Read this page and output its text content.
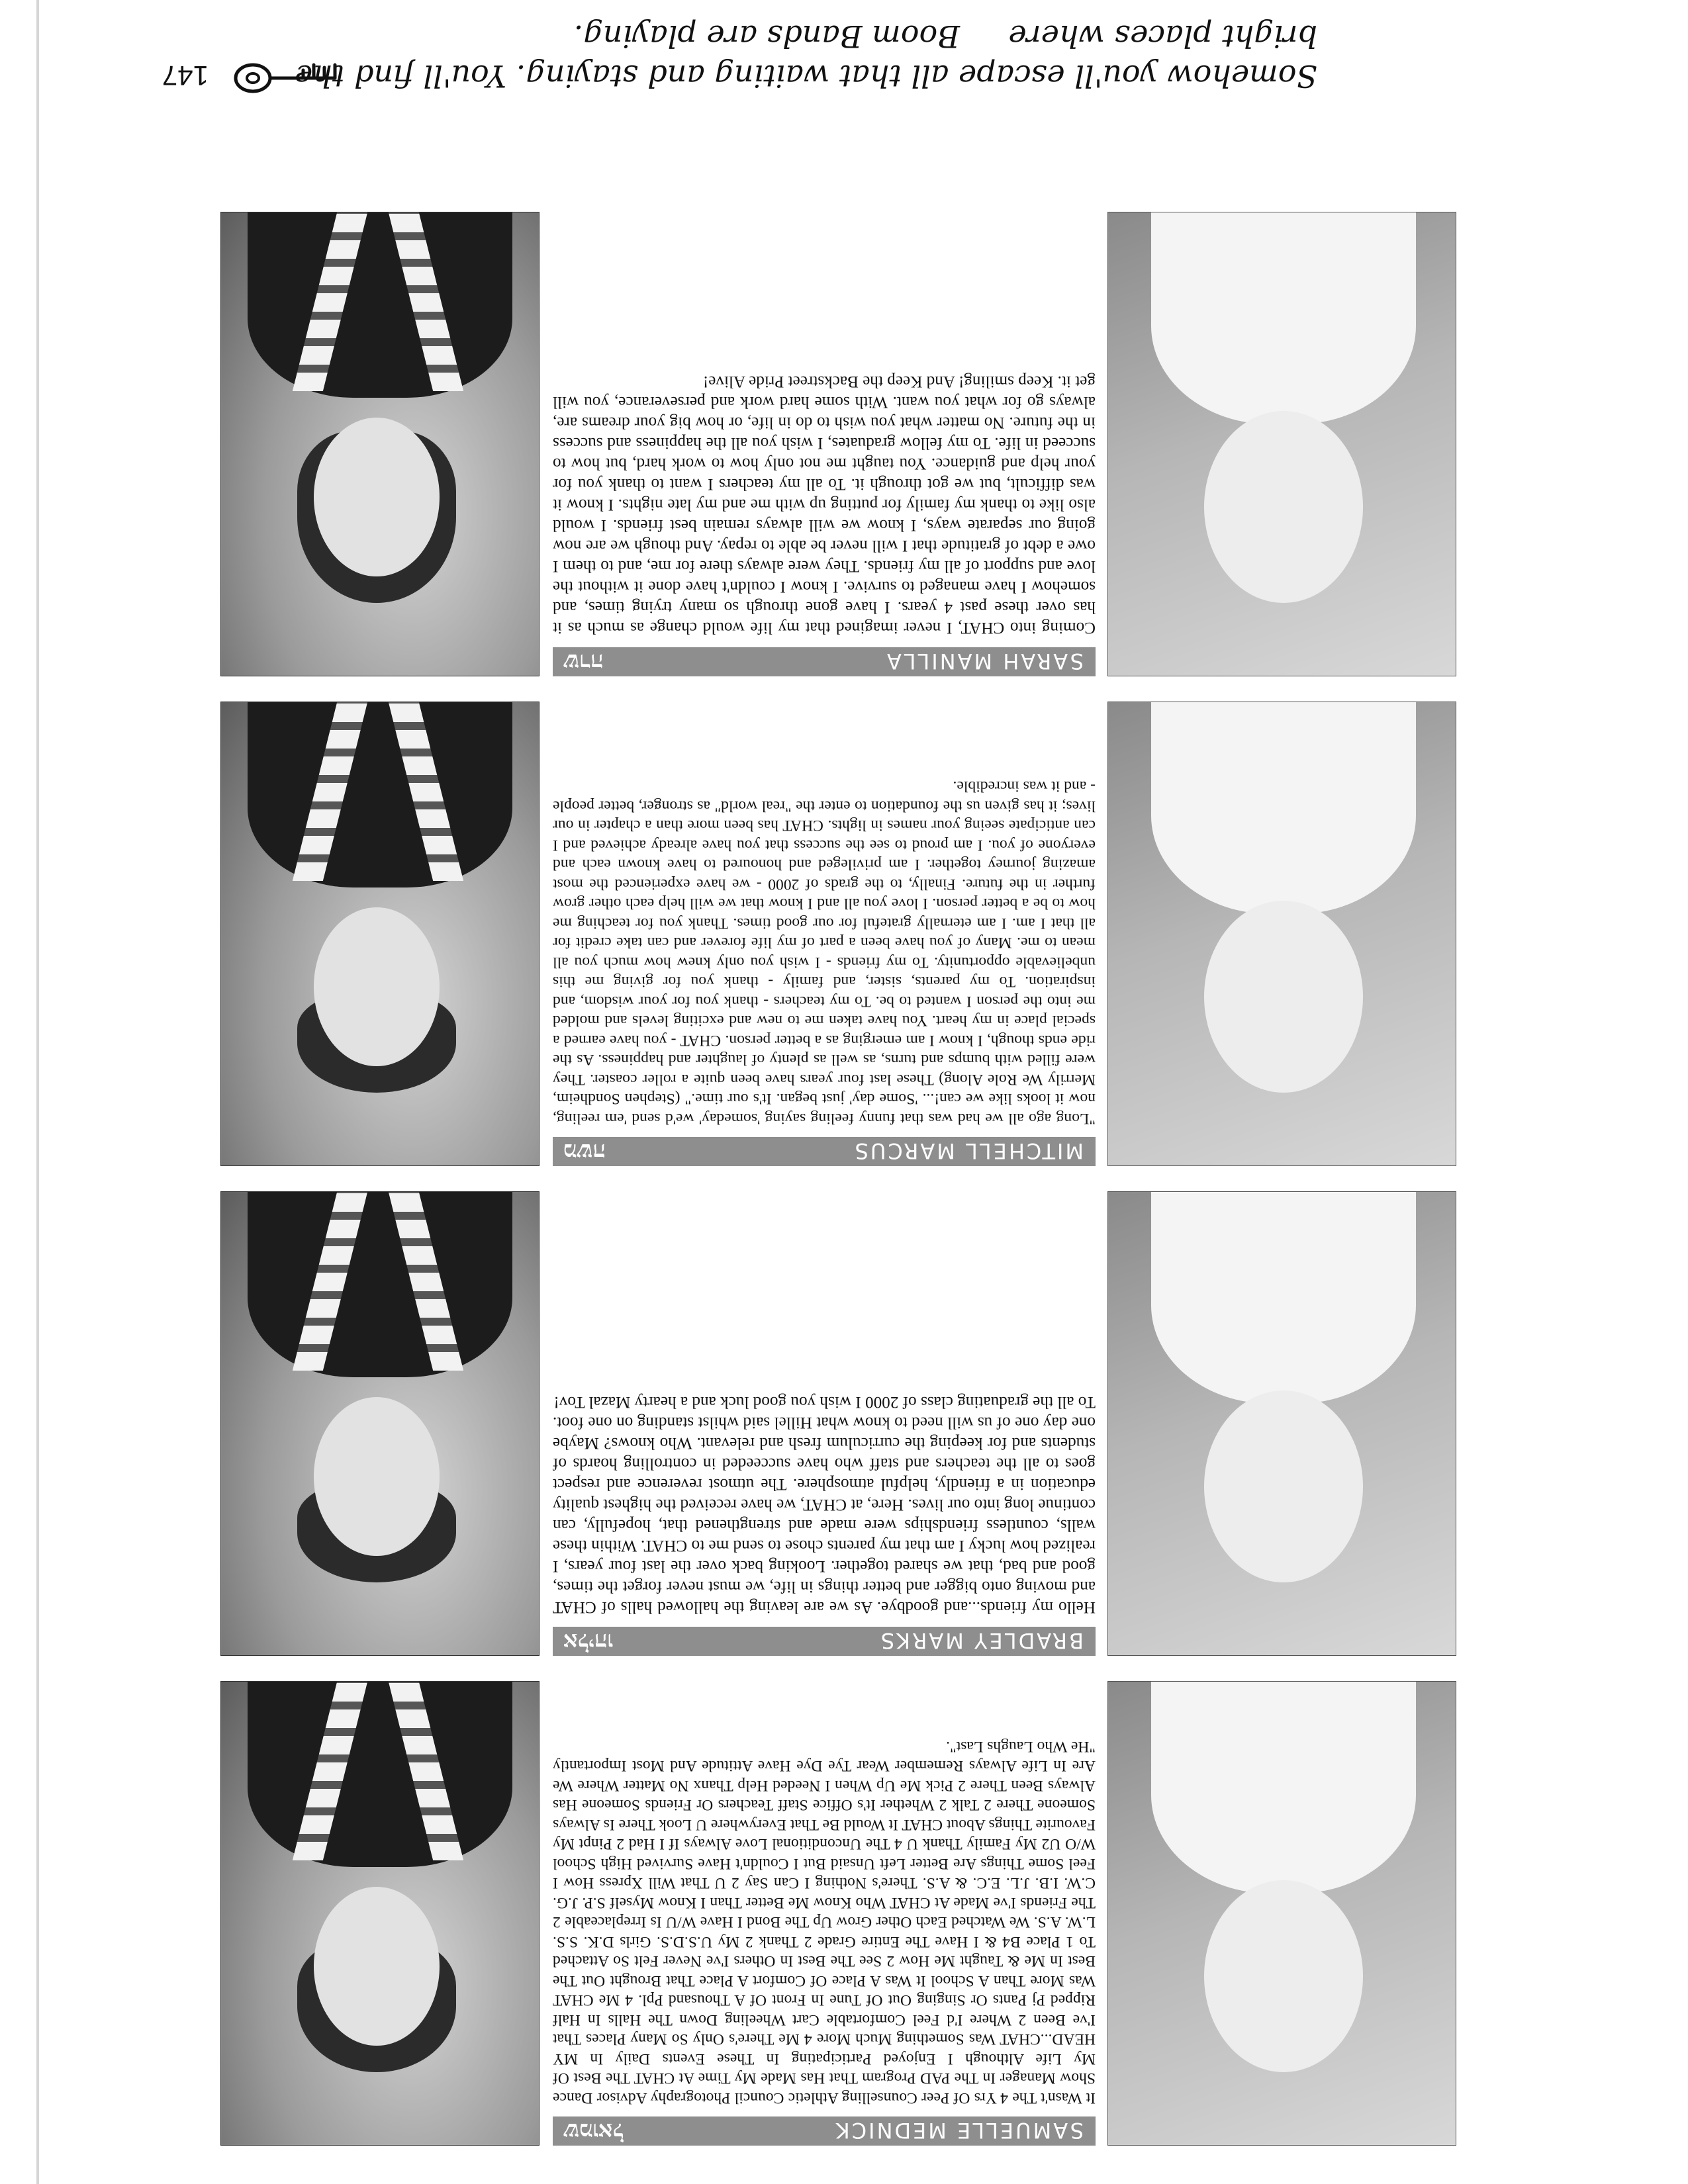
SAMUELLE MEDNICK
שמואל

It Wasn't The 4 Yrs Of Peer Counselling Athletic Council Photography Advisor Dance Show Manager In The PAD Program That Has Made My Time At CHAT The Best Of My Life Although I Enjoyed Participating In These Events Daily In MY HEAD...CHAT Was Something Much More 4 Me There's Only So Many Places That I've Been 2 Where I'd Feel Comfortable Cart Wheeling Down The Halls In Half Ripped Pj Pants Or Singing Out Of Tune In Front Of A Thousand Ppl. 4 Me CHAT Was More Than A School It Was A Place Of Comfort A Place That Brought Out The Best In Me & Taught Me How 2 See The Best In Others I've Never Felt So Attached To 1 Place B4 & I Have The Entire Grade 2 Thank 2 My U.S.D.S. Girls D.K. S.S. L.W. A.S. We Watched Each Other Grow Up The Bond I Have W/U Is Irreplaceable 2 The Friends I've Made At CHAT Who Know Me Better Than I Know Myself S.P. J.G. C.W. I.B. J.L. E.C. & A.S. There's Nothing I Can Say 2 U That Will Xpress How I Feel Some Things Are Better Left Unsaid But I Couldn't Have Survived High School W/O U2 My Family Thank U 4 The Unconditional Love Always If I Had 2 Pinpt My Favourite Things About CHAT It Would Be That Everywhere U Look There Is Always Someone There 2 Talk 2 Whether It's Office Staff Teachers Or Friends Someone Has Always Been There 2 Pick Me Up When I Needed Help Thanx No Matter Where We Are In Life Always Remember Wear Tye Dye Have Attitude And Most Importantly "He Who Laughs Last".

BRADLEY MARKS
אליהו

Hello my friends...and goodbye. As we are leaving the hallowed halls of CHAT and moving onto bigger and better things in life, we must never forget the times, good and bad, that we shared together. Looking back over the last four years, I realized how lucky I am that my parents chose to send me to CHAT. Within these walls, countless friendships were made and strengthened that, hopefully, can continue long into our lives. Here, at CHAT, we have received the highest quality education in a friendly, helpful atmosphere. The utmost reverence and respect goes to all the teachers and staff who have succeeded in controlling hoards of students and for keeping the curriculum fresh and relevant. Who knows? Maybe one day one of us will need to know what Hillel said whilst standing on one foot. To all the graduating class of 2000 I wish you good luck and a hearty Mazal Tov!

MITCHELL MARCUS
משה

"Long ago all we had was that funny feeling saying 'someday' we'd send 'em reeling, now it looks like we can!... 'Some day' just began. It's our time." (Stephen Sondheim, Merrily We Role Along) These last four years have been quite a roller coaster. They were filled with bumps and turns, as well as plenty of laughter and happiness. As the ride ends though, I know I am emerging as a better person. CHAT - you have earned a special place in my heart. You have taken me to new and exciting levels and molded me into the person I wanted to be. To my teachers - thank you for your wisdom, and inspiration. To my parents, sister, and family - thank you for giving me this unbelievable opportunity. To my friends - I wish you only knew how much you all mean to me. Many of you have been a part of my life forever and can take credit for all that I am. I am eternally grateful for our good times. Thank you for teaching me how to be a better person. I love you all and I know that we will help each other grow further in the future. Finally, to the grads of 2000 - we have experienced the most amazing journey together. I am privileged and honoured to have known each and everyone of you. I am proud to see the success that you have already achieved and I can anticipate seeing your names in lights. CHAT has been more than a chapter in our lives; it has given us the foundation to enter the "real world" as stronger, better people - and it was incredible.

SARAH MANILLA
שרה

Coming into CHAT, I never imagined that my life would change as much as it has over these past 4 years. I have gone through so many trying times, and somehow I have managed to survive. I know I couldn't have done it without the love and support of all my friends. They were always there for me, and to them I owe a debt of gratitude that I will never be able to repay. And though we are now going our separate ways, I know we will always remain best friends. I would also like to thank my family for putting up with me and my late nights. I know it was difficult, but we got through it. To all my teachers I want to thank you for your help and guidance. You taught me not only how to work hard, but how to succeed in life. To my fellow graduates, I wish you all the happiness and success in the future. No matter what you wish to do in life, or how big your dreams are, always go for what you want. With some hard work and perseverance, you will get it. Keep smiling! And Keep the Backstreet Pride Alive!

Somehow you'll escape all that waiting and staying. You'll find the bright places where

Boom Bands are playing.

147
